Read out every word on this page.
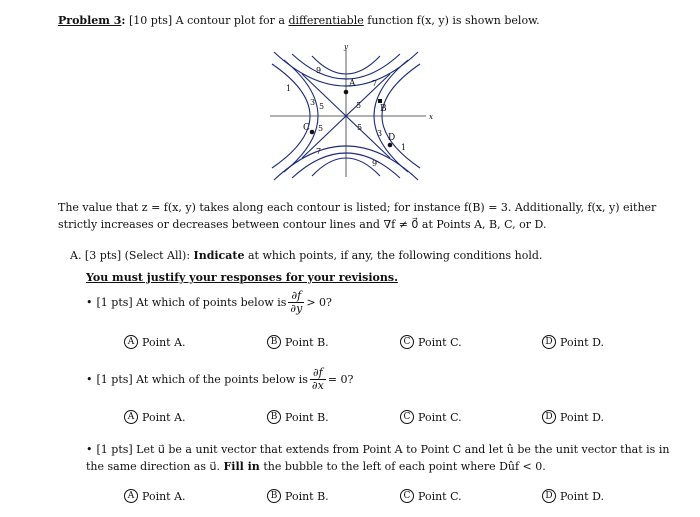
Problem 3: [10 pts] A contour plot for a differentiable function f(x, y) is shown below.
x
y
9
7
1
3 5	5
5	5
3
1
7
9
A
B
C
D
The value that z = f(x, y) takes along each contour is listed; for instance f(B) = 3. Additionally, f(x, y) either
strictly increases or decreases between contour lines and ∇f ≠ 0⃗ at Points A, B, C, or D.
A. [3 pts] (Select All): Indicate at which points, if any, the following conditions hold.
You must justify your responses for your revisions.
• [1 pts] At which of points below is $\frac{\partial f}{\partial y} > 0$?
A Point A.	B Point B.	C Point C.	D Point D.
• [1 pts] At which of the points below is $\frac{\partial f}{\partial x} = 0$?
A Point A.	B Point B.	C Point C.	D Point D.
• [1 pts] Let u⃗ be a unit vector that extends from Point A to Point C and let û be the unit vector that is in
the same direction as u⃗. Fill in the bubble to the left of each point where Dûf < 0.
A Point A.	B Point B.	C Point C.	D Point D.
